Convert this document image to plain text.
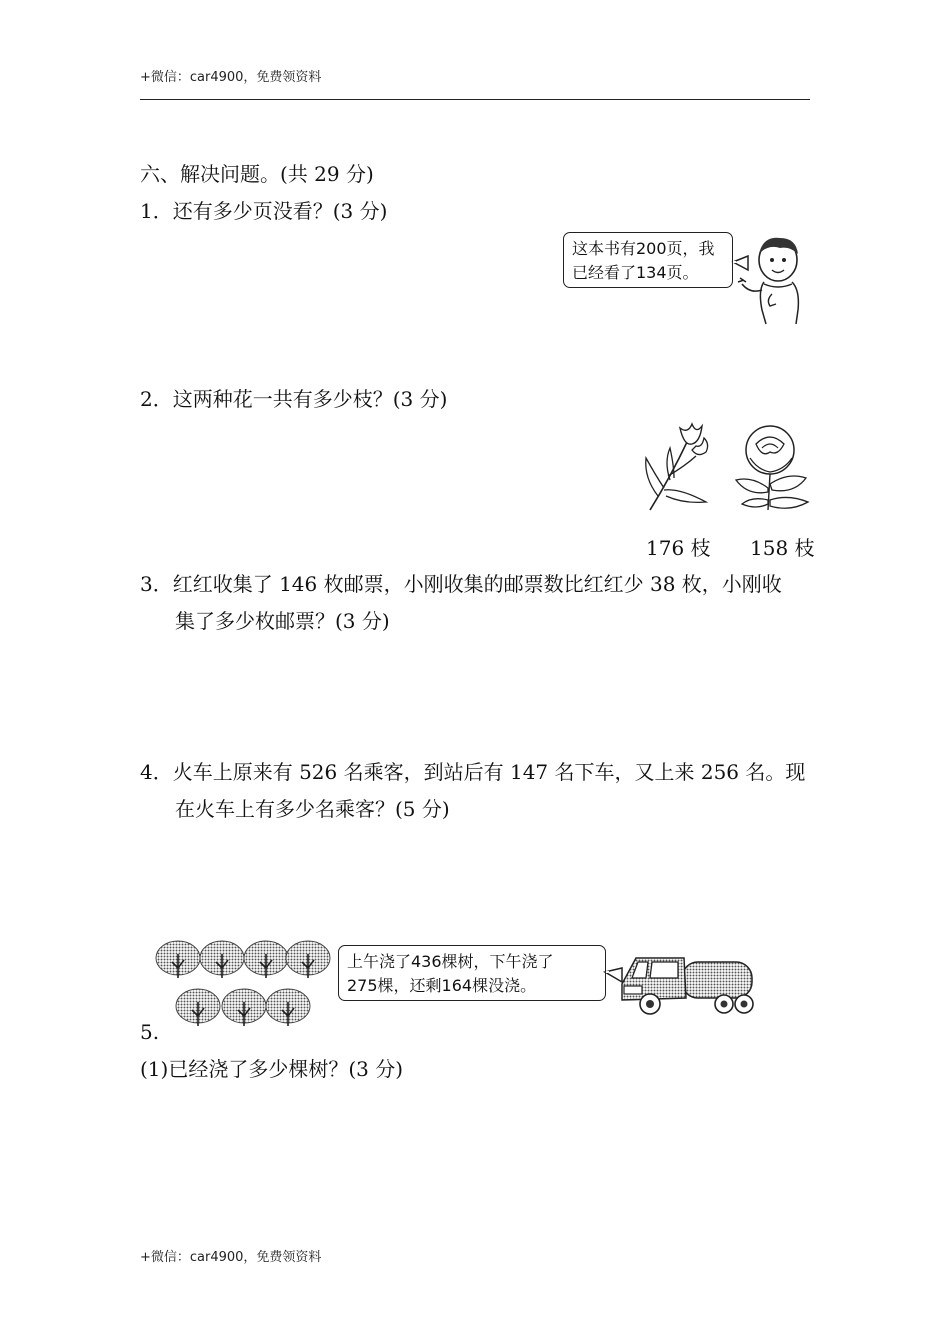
+微信：car4900，免费领资料
六、解决问题。(共 29 分)
1．还有多少页没看？(3 分)
这本书有200页，我
已经看了134页。
2．这两种花一共有多少枝？(3 分)
176 枝 158 枝
3．红红收集了 146 枚邮票，小刚收集的邮票数比红红少 38 枚，小刚收
集了多少枚邮票？(3 分)
4．火车上原来有 526 名乘客，到站后有 147 名下车，又上来 256 名。现
在火车上有多少名乘客？(5 分)
5.
上午浇了436棵树，下午浇了
275棵，还剩164棵没浇。
(1)已经浇了多少棵树？(3 分)
+微信：car4900，免费领资料
